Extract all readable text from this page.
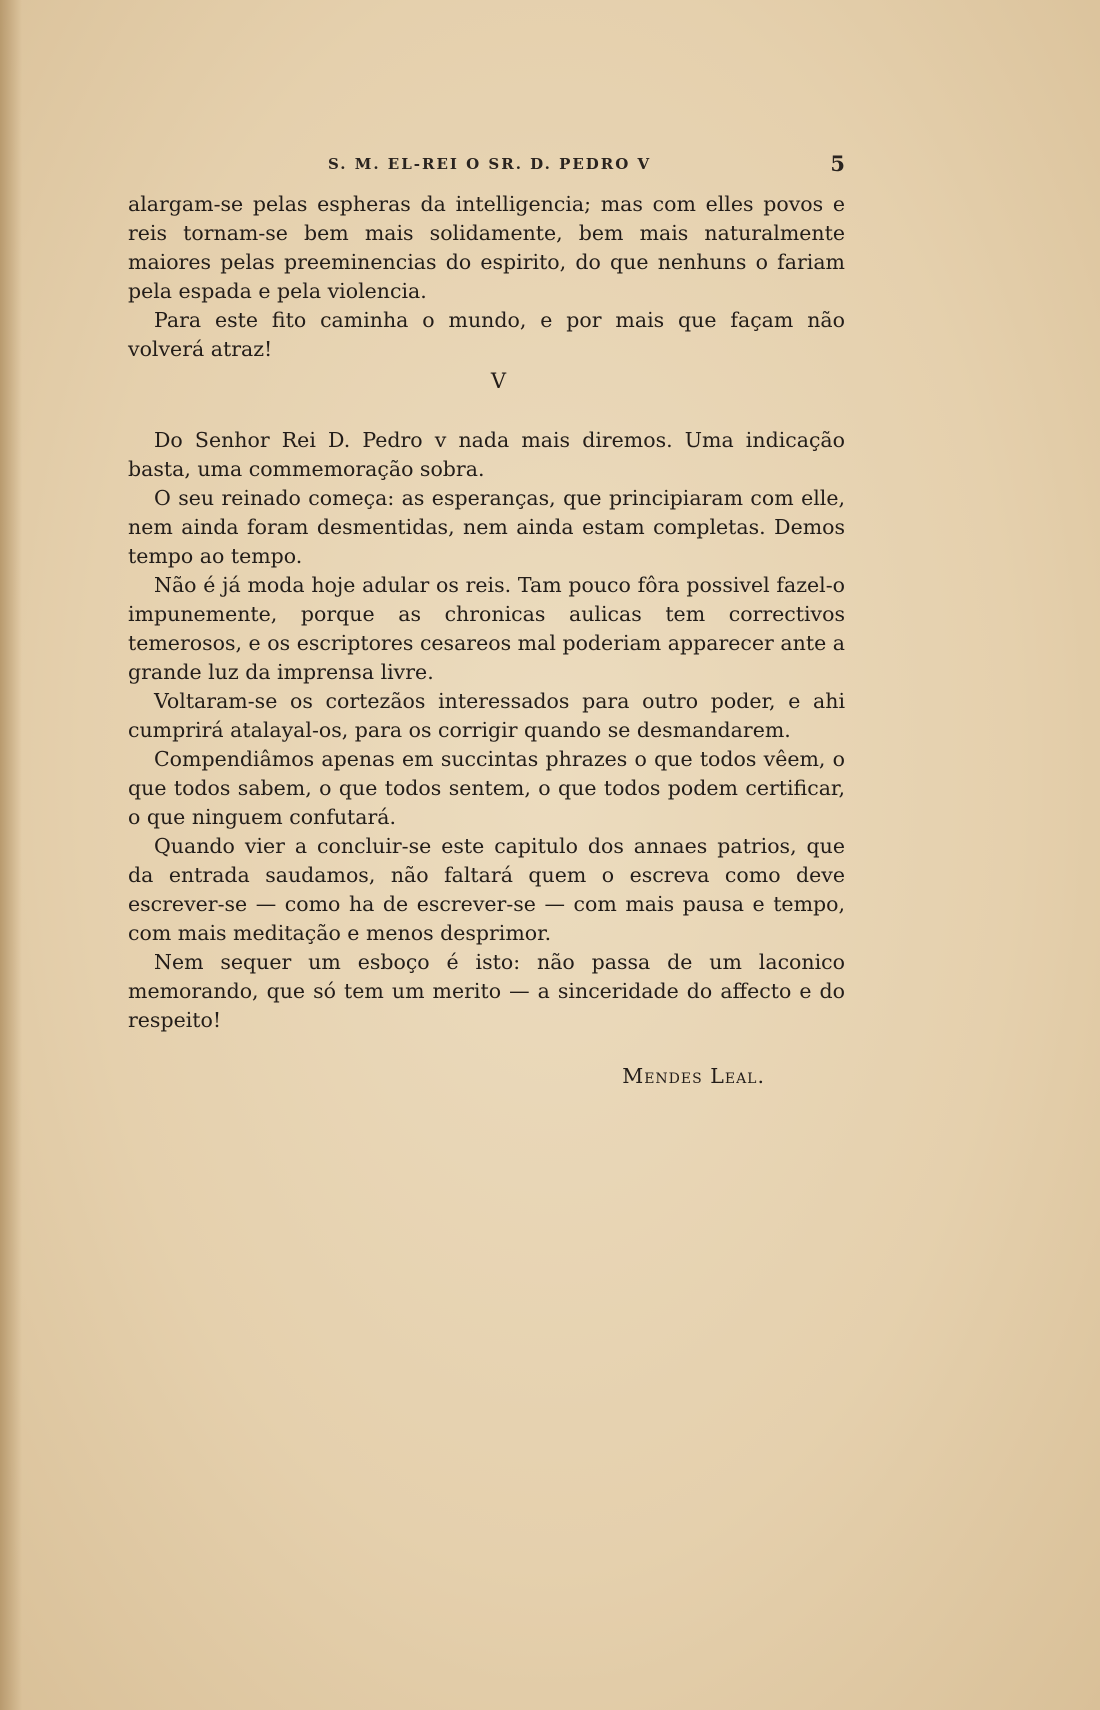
S. M. EL-REI O SR. D. PEDRO V	5

alargam-se pelas espheras da intelligencia; mas com elles povos e reis tornam-se bem mais solidamente, bem mais naturalmente maiores pelas preeminencias do espirito, do que nenhuns o fariam pela espada e pela violencia.

Para este fito caminha o mundo, e por mais que façam não volverá atraz!

V

Do Senhor Rei D. Pedro v nada mais diremos. Uma indicação basta, uma commemoração sobra.

O seu reinado começa: as esperanças, que principiaram com elle, nem ainda foram desmentidas, nem ainda estam completas. Demos tempo ao tempo.

Não é já moda hoje adular os reis. Tam pouco fôra possivel fazel-o impunemente, porque as chronicas aulicas tem correctivos temerosos, e os escriptores cesareos mal poderiam apparecer ante a grande luz da imprensa livre.

Voltaram-se os cortezãos interessados para outro poder, e ahi cumprirá atalayal-os, para os corrigir quando se desmandarem.

Compendiâmos apenas em succintas phrazes o que todos vêem, o que todos sabem, o que todos sentem, o que todos podem certificar, o que ninguem confutará.

Quando vier a concluir-se este capitulo dos annaes patrios, que da entrada saudamos, não faltará quem o escreva como deve escrever-se — como ha de escrever-se — com mais pausa e tempo, com mais meditação e menos desprimor.

Nem sequer um esboço é isto: não passa de um laconico memorando, que só tem um merito — a sinceridade do affecto e do respeito!

Mendes Leal.
